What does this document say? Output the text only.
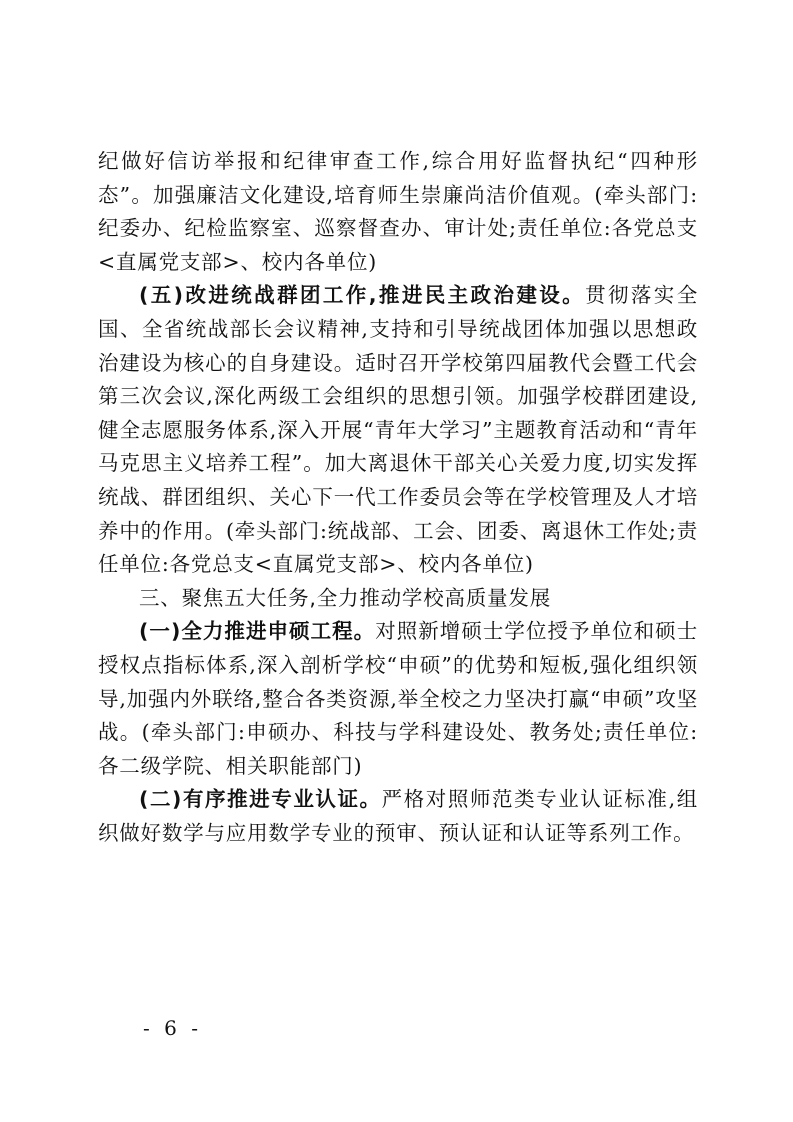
纪做好信访举报和纪律审查工作,综合用好监督执纪“四种形态”。加强廉洁文化建设,培育师生崇廉尚洁价值观。(牵头部门:纪委办、纪检监察室、巡察督查办、审计处;责任单位:各党总支<直属党支部>、校内各单位)

(五)改进统战群团工作,推进民主政治建设。贯彻落实全国、全省统战部长会议精神,支持和引导统战团体加强以思想政治建设为核心的自身建设。适时召开学校第四届教代会暨工代会第三次会议,深化两级工会组织的思想引领。加强学校群团建设,健全志愿服务体系,深入开展“青年大学习”主题教育活动和“青年马克思主义培养工程”。加大离退休干部关心关爱力度,切实发挥统战、群团组织、关心下一代工作委员会等在学校管理及人才培养中的作用。(牵头部门:统战部、工会、团委、离退休工作处;责任单位:各党总支<直属党支部>、校内各单位)

三、聚焦五大任务,全力推动学校高质量发展

(一)全力推进申硕工程。对照新增硕士学位授予单位和硕士授权点指标体系,深入剖析学校“申硕”的优势和短板,强化组织领导,加强内外联络,整合各类资源,举全校之力坚决打赢“申硕”攻坚战。(牵头部门:申硕办、科技与学科建设处、教务处;责任单位:各二级学院、相关职能部门)

(二)有序推进专业认证。严格对照师范类专业认证标准,组织做好数学与应用数学专业的预审、预认证和认证等系列工作。

- 6 -
